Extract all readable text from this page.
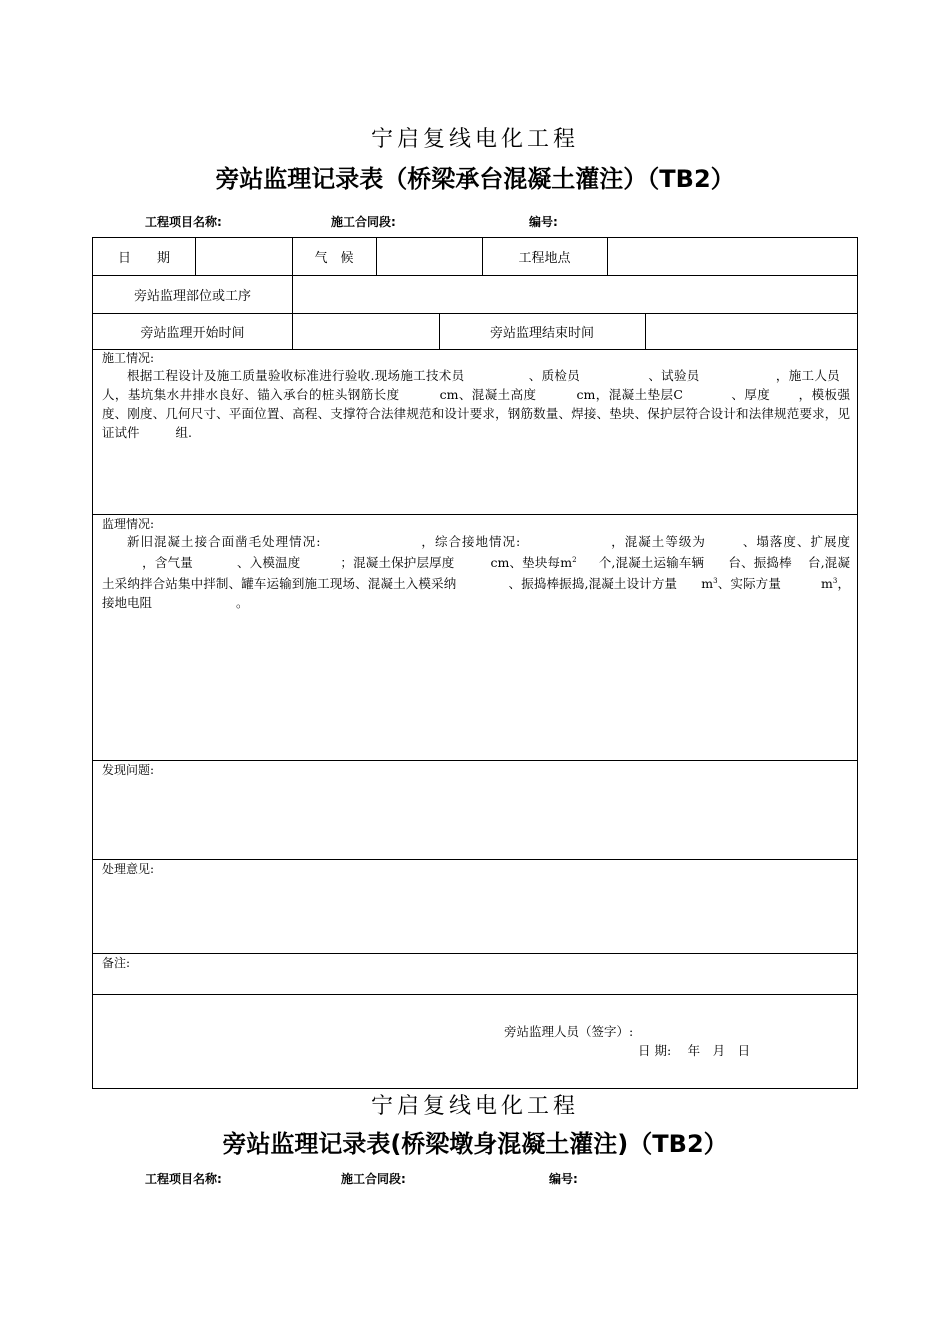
宁启复线电化工程
旁站监理记录表（桥梁承台混凝土灌注）（TB2）
工程项目名称:	施工合同段:	编号:
日　　期	气　候	工程地点
旁站监理部位或工序
旁站监理开始时间	旁站监理结束时间
施工情况:
根据工程设计及施工质量验收标准进行验收.现场施工技术员	、质检员	、试验员	，施工人员人，基坑集水井排水良好、锚入承台的桩头钢筋长度	cm、混凝土高度	cm，混凝土垫层C	、厚度 ，模板强度、刚度、几何尺寸、平面位置、高程、支撑符合法律规范和设计要求，钢筋数量、焊接、垫块、保护层符合设计和法律规范要求，见证试件	组.
监理情况:
新旧混凝土接合面凿毛处理情况:	，综合接地情况:	，混凝土等级为	、塌落度、扩展度，含气量	、入模温度	；混凝土保护层厚度	cm、垫块每$m^2$ 个,混凝土运输车辆 台、振捣棒 台,混凝土采纳拌合站集中拌制、罐车运输到施工现场、混凝土入模采纳	、振捣棒振捣,混凝土设计方量 $m^3$、实际方量	$m^3$，接地电阻	。
发现问题:
处理意见:
备注:
旁站监理人员（签字）:
日 期:　 年　月　日
宁启复线电化工程
旁站监理记录表(桥梁墩身混凝土灌注)（TB2）
工程项目名称:	施工合同段:	编号:
